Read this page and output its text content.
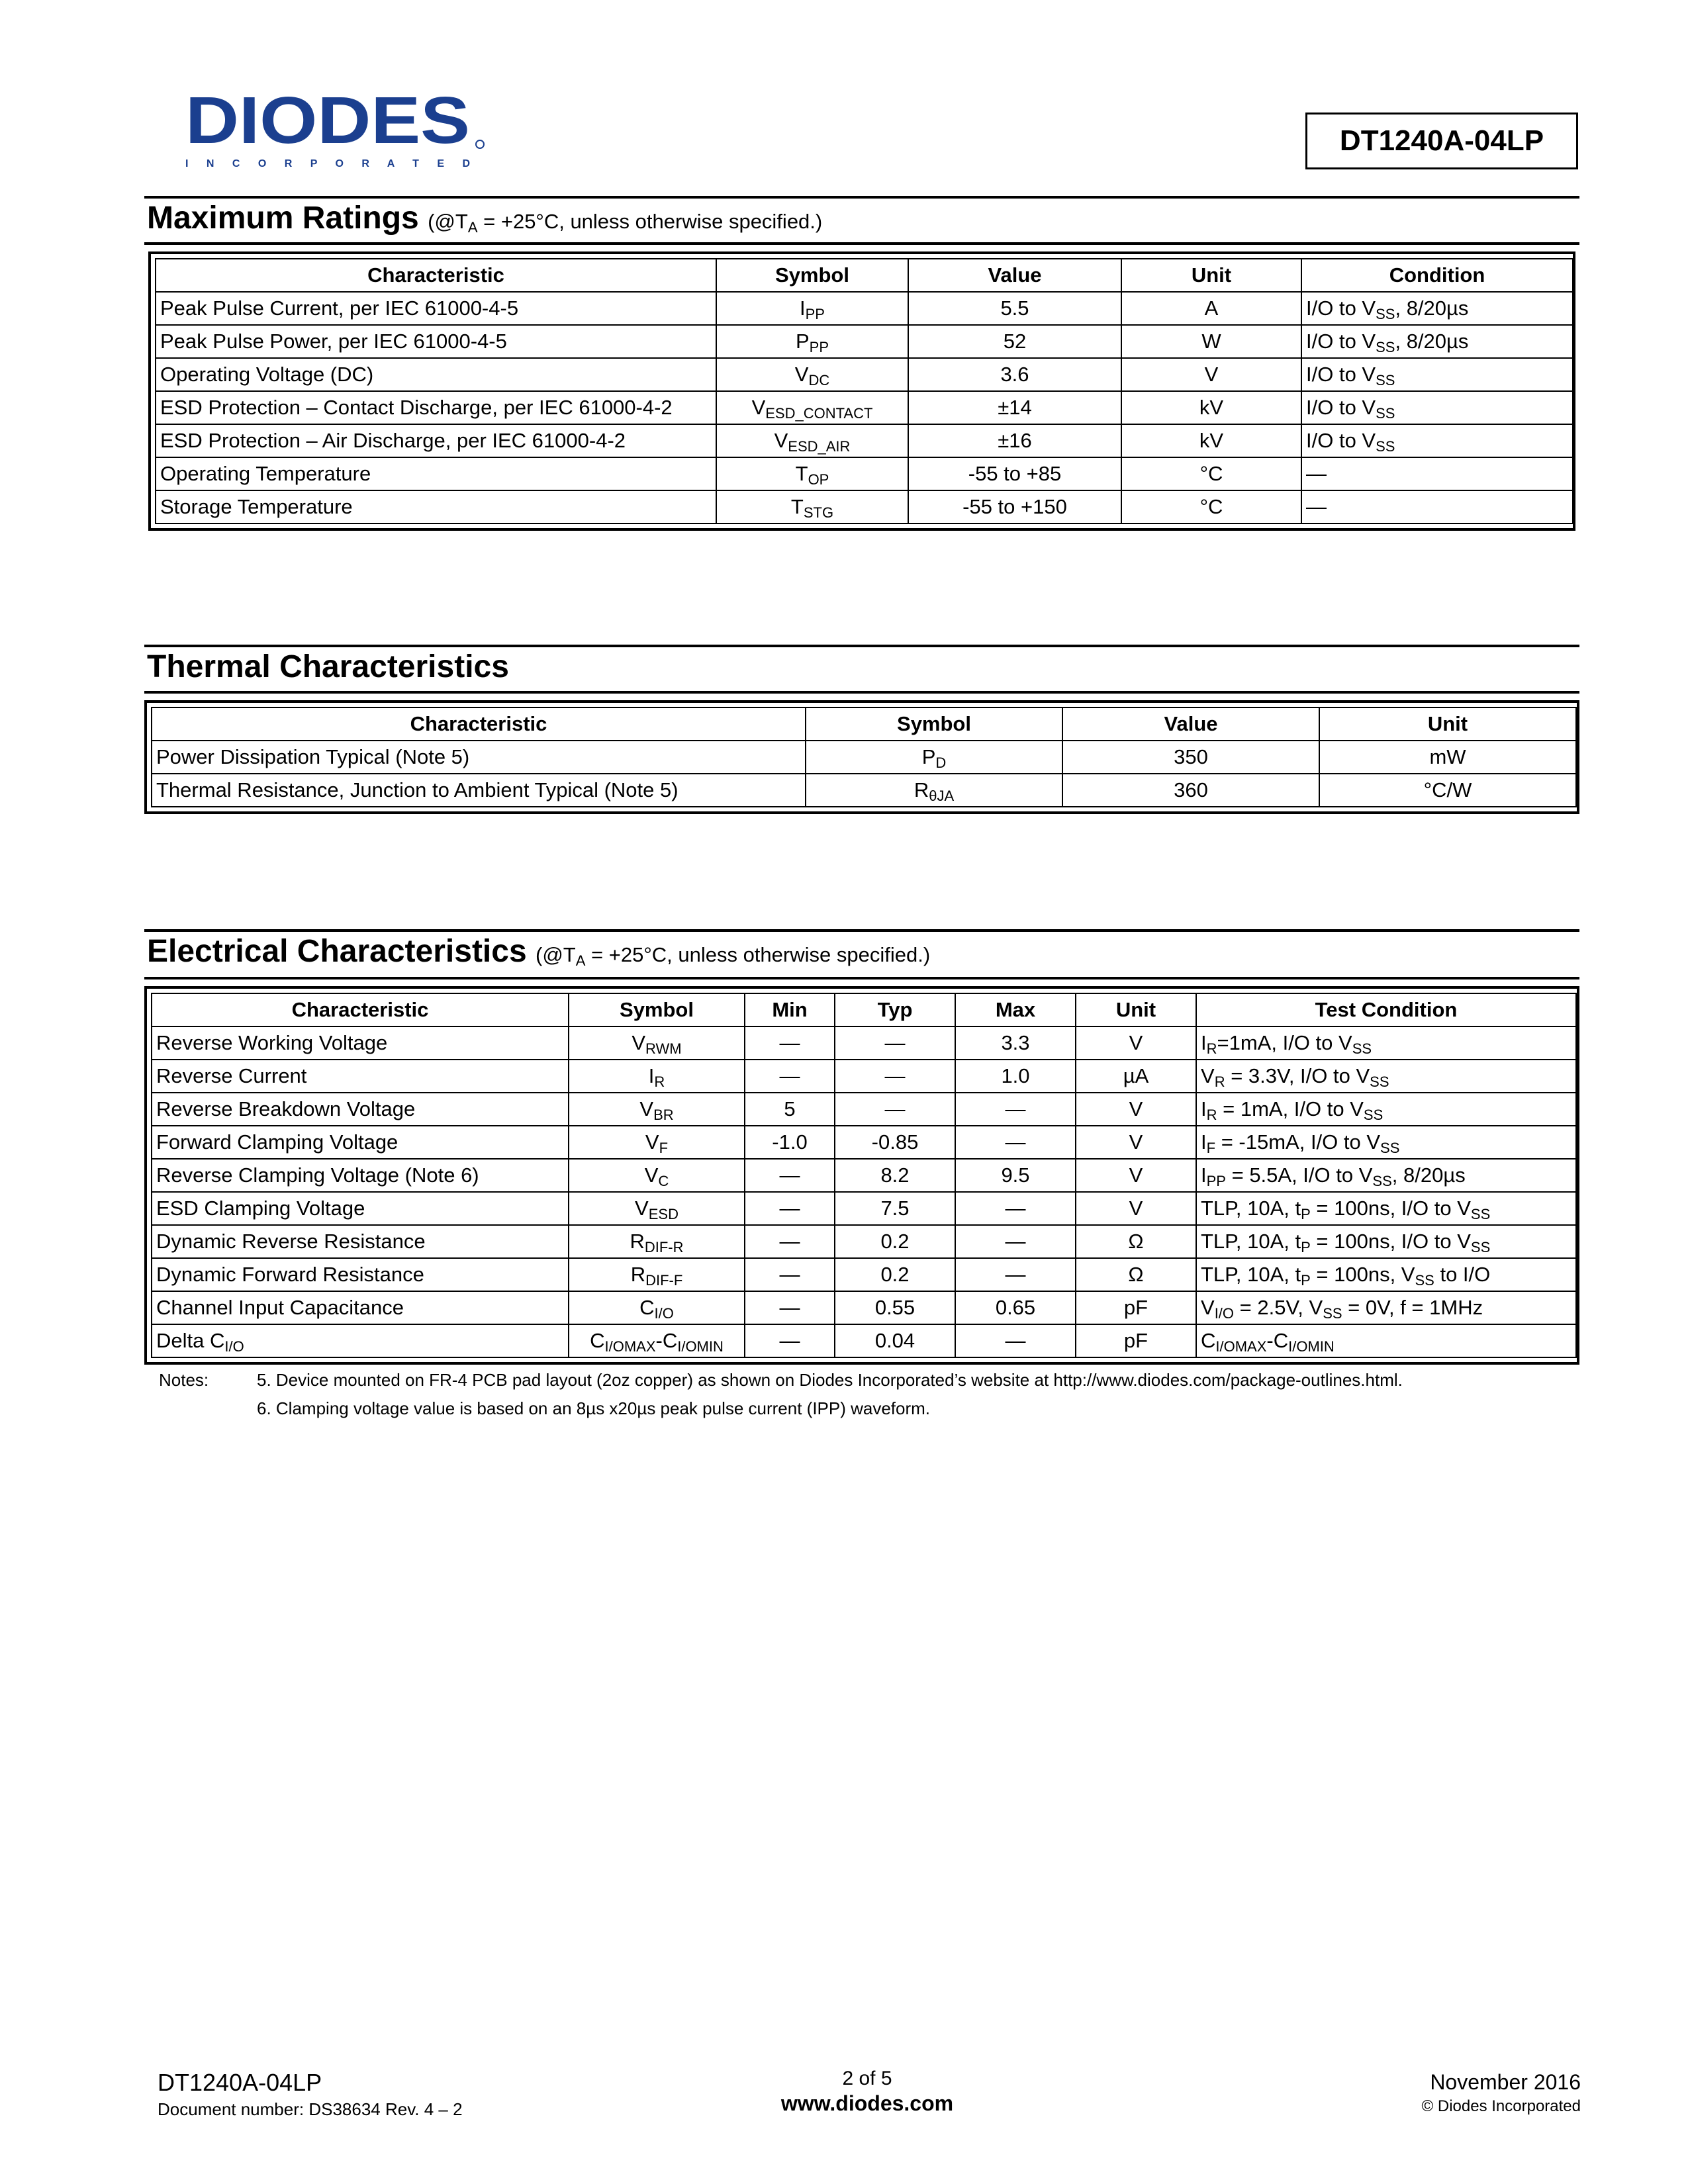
DIODES
I N C O R P O R A T E D
DT1240A-04LP
Maximum Ratings ($@T_A = +25^\circ C$, unless otherwise specified.)
Characteristic	Symbol	Value	Unit	Condition
Peak Pulse Current, per IEC 61000-4-5	$I_{PP}$	5.5	A	I/O to $V_{SS}$, 8/20µs
Peak Pulse Power, per IEC 61000-4-5	$P_{PP}$	52	W	I/O to $V_{SS}$, 8/20µs
Operating Voltage (DC)	$V_{DC}$	3.6	V	I/O to $V_{SS}$
ESD Protection – Contact Discharge, per IEC 61000-4-2	$V_{ESD\_CONTACT}$	±14	kV	I/O to $V_{SS}$
ESD Protection – Air Discharge, per IEC 61000-4-2	$V_{ESD\_AIR}$	±16	kV	I/O to $V_{SS}$
Operating Temperature	$T_{OP}$	-55 to +85	°C	—
Storage Temperature	$T_{STG}$	-55 to +150	°C	—
Thermal Characteristics
Characteristic	Symbol	Value	Unit
Power Dissipation Typical (Note 5)	$P_D$	350	mW
Thermal Resistance, Junction to Ambient Typical (Note 5)	$R_{\theta JA}$	360	°C/W
Electrical Characteristics ($@T_A = +25^\circ C$, unless otherwise specified.)
Characteristic	Symbol	Min	Typ	Max	Unit	Test Condition
Reverse Working Voltage	$V_{RWM}$	—	—	3.3	V	$I_R=1mA$, I/O to $V_{SS}$
Reverse Current	$I_R$	—	—	1.0	µA	$V_R = 3.3V$, I/O to $V_{SS}$
Reverse Breakdown Voltage	$V_{BR}$	5	—	—	V	$I_R = 1mA$, I/O to $V_{SS}$
Forward Clamping Voltage	$V_F$	-1.0	-0.85	—	V	$I_F = -15mA$, I/O to $V_{SS}$
Reverse Clamping Voltage (Note 6)	$V_C$	—	8.2	9.5	V	$I_{PP} = 5.5A$, I/O to $V_{SS}$, 8/20µs
ESD Clamping Voltage	$V_{ESD}$	—	7.5	—	V	TLP, 10A, $t_P = 100ns$, I/O to $V_{SS}$
Dynamic Reverse Resistance	$R_{DIF-R}$	—	0.2	—	Ω	TLP, 10A, $t_P = 100ns$, I/O to $V_{SS}$
Dynamic Forward Resistance	$R_{DIF-F}$	—	0.2	—	Ω	TLP, 10A, $t_P = 100ns$, $V_{SS}$ to I/O
Channel Input Capacitance	$C_{I/O}$	—	0.55	0.65	pF	$V_{I/O} = 2.5V$, $V_{SS} = 0V$, f = 1MHz
Delta $C_{I/O}$	$C_{I/OMAX}-C_{I/OMIN}$	—	0.04	—	pF	$C_{I/OMAX}-C_{I/OMIN}$
Notes:	5. Device mounted on FR-4 PCB pad layout (2oz copper) as shown on Diodes Incorporated’s website at http://www.diodes.com/package-outlines.html.
6. Clamping voltage value is based on an 8µs x20µs peak pulse current (IPP) waveform.
DT1240A-04LP
Document number: DS38634 Rev. 4 – 2
2 of 5
www.diodes.com
November 2016
© Diodes Incorporated
